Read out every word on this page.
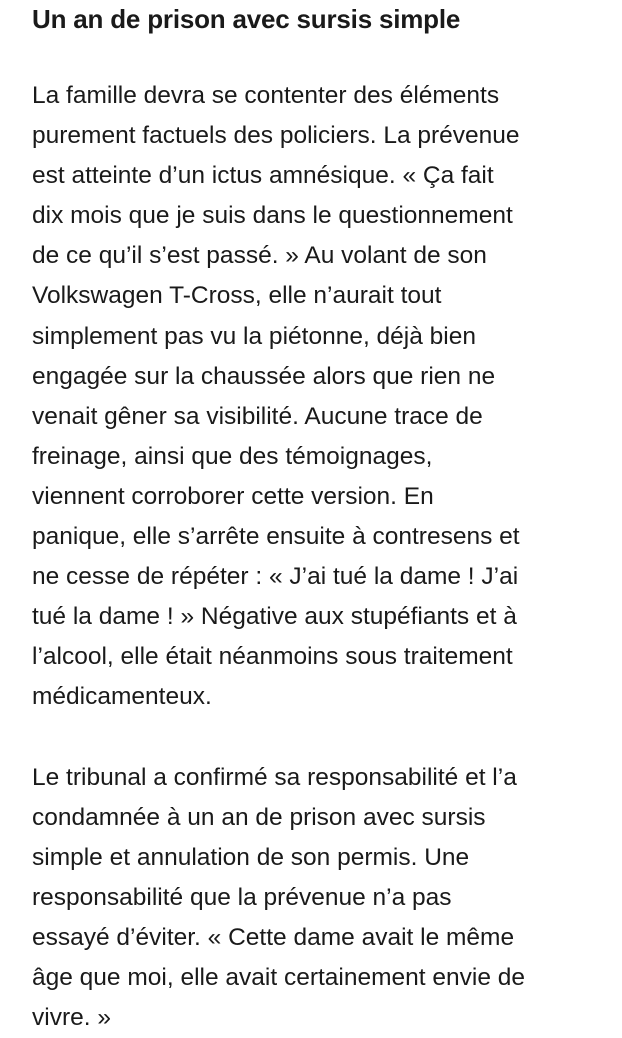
Un an de prison avec sursis simple

La famille devra se contenter des éléments
purement factuels des policiers. La prévenue
est atteinte d’un ictus amnésique. « Ça fait
dix mois que je suis dans le questionnement
de ce qu’il s’est passé. » Au volant de son
Volkswagen T-Cross, elle n’aurait tout
simplement pas vu la piétonne, déjà bien
engagée sur la chaussée alors que rien ne
venait gêner sa visibilité. Aucune trace de
freinage, ainsi que des témoignages,
viennent corroborer cette version. En
panique, elle s’arrête ensuite à contresens et
ne cesse de répéter : « J’ai tué la dame ! J’ai
tué la dame ! » Négative aux stupéfiants et à
l’alcool, elle était néanmoins sous traitement
médicamenteux.

Le tribunal a confirmé sa responsabilité et l’a
condamnée à un an de prison avec sursis
simple et annulation de son permis. Une
responsabilité que la prévenue n’a pas
essayé d’éviter. « Cette dame avait le même
âge que moi, elle avait certainement envie de
vivre. »
